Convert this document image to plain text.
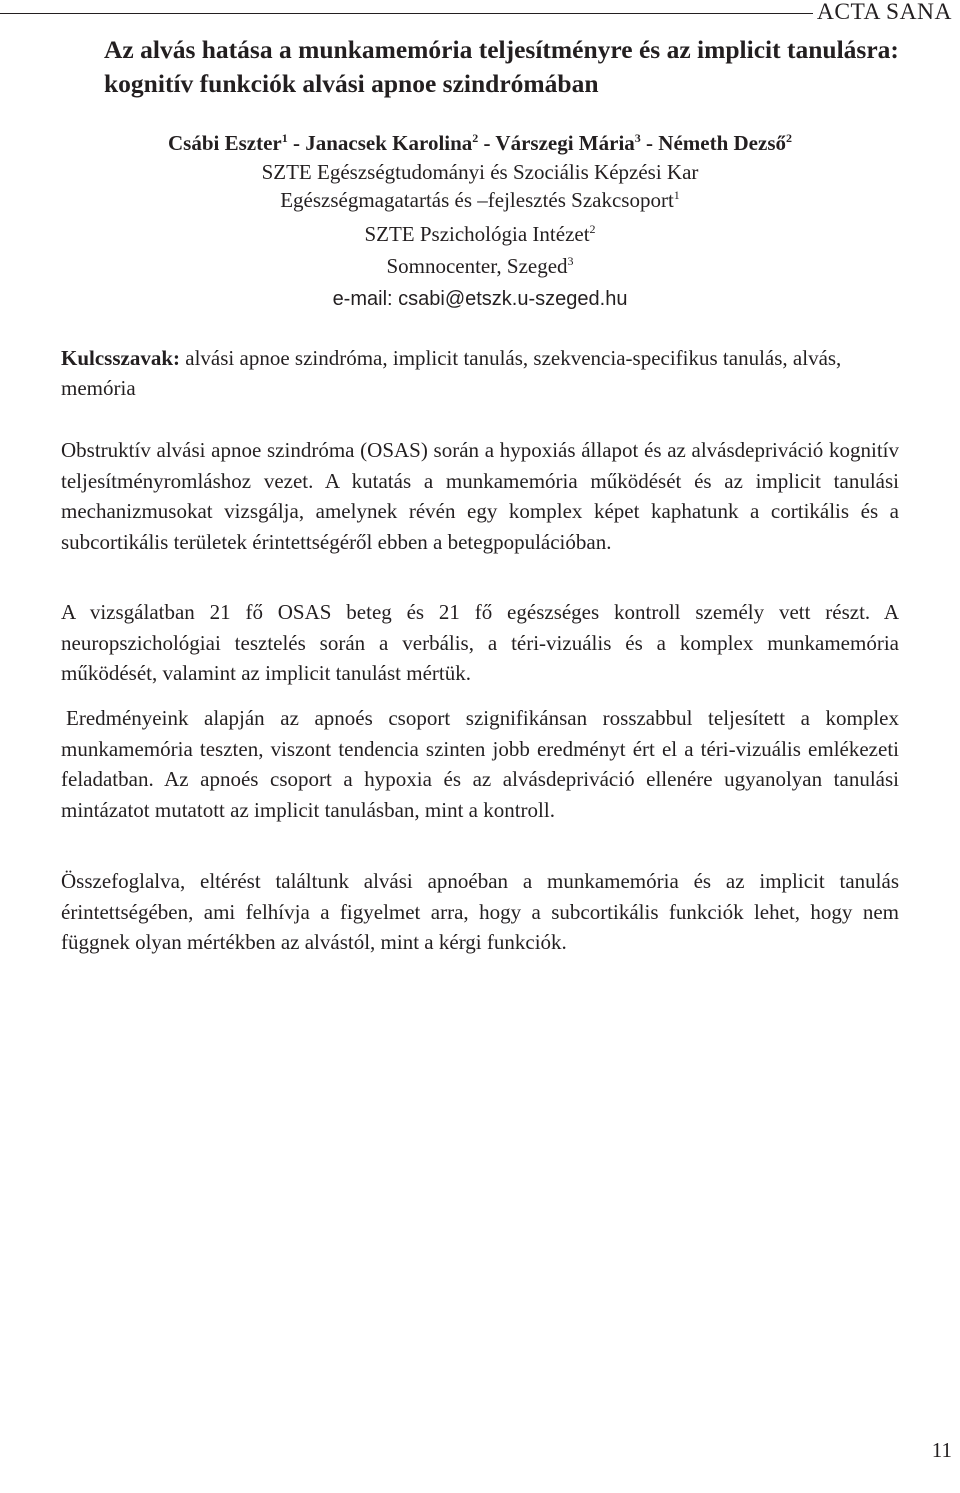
ACTA SANA
Az alvás hatása a munkamemória teljesítményre és az implicit tanulásra: kognitív funkciók alvási apnoe szindrómában
Csábi Eszter$^1$ - Janacsek Karolina$^2$ - Várszegi Mária$^3$ - Németh Dezső$^2$
SZTE Egészségtudományi és Szociális Képzési Kar
Egészségmagatartás és –fejlesztés Szakcsoport$^1$
SZTE Pszichológia Intézet$^2$
Somnocenter, Szeged$^3$
e-mail: csabi@etszk.u-szeged.hu

Kulcsszavak: alvási apnoe szindróma, implicit tanulás, szekvencia-specifikus tanulás, alvás, memória

Obstruktív alvási apnoe szindróma (OSAS) során a hypoxiás állapot és az alvásdepriváció kognitív teljesítményromláshoz vezet. A kutatás a munkamemória működését és az implicit tanulási mechanizmusokat vizsgálja, amelynek révén egy komplex képet kaphatunk a cortikális és a subcortikális területek érintettségéről ebben a betegpopulációban.

A vizsgálatban 21 fő OSAS beteg és 21 fő egészséges kontroll személy vett részt. A neuropszichológiai tesztelés során a verbális, a téri-vizuális és a komplex munkamemória működését, valamint az implicit tanulást mértük.

Eredményeink alapján az apnoés csoport szignifikánsan rosszabbul teljesített a komplex munkamemória teszten, viszont tendencia szinten jobb eredményt ért el a téri-vizuális emlékezeti feladatban. Az apnoés csoport a hypoxia és az alvásdepriváció ellenére ugyanolyan tanulási mintázatot mutatott az implicit tanulásban, mint a kontroll.

Összefoglalva, eltérést találtunk alvási apnoéban a munkamemória és az implicit tanulás érintettségében, ami felhívja a figyelmet arra, hogy a subcortikális funkciók lehet, hogy nem függnek olyan mértékben az alvástól, mint a kérgi funkciók.

11
